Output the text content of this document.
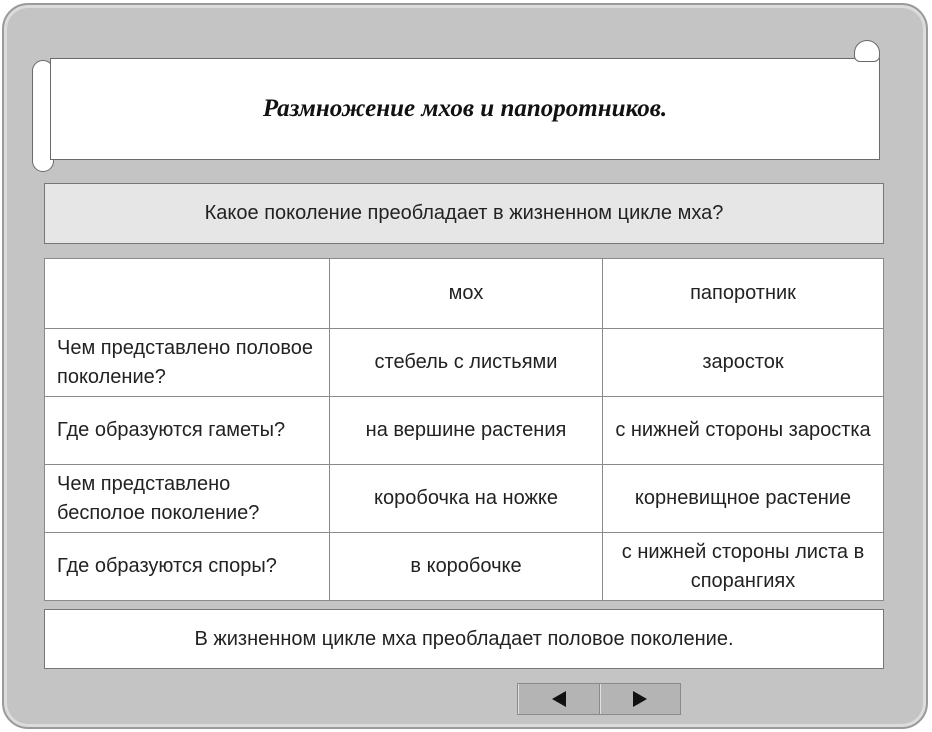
Размножение мхов и папоротников.
Какое поколение преобладает в жизненном цикле мха?
	мох	папоротник
Чем представлено половое поколение?	стебель с листьями	заросток
Где образуются гаметы?	на вершине растения	с нижней стороны заростка
Чем представлено бесполое поколение?	коробочка на ножке	корневищное растение
Где образуются споры?	в коробочке	с нижней стороны листа в спорангиях
В жизненном цикле мха преобладает половое поколение.
